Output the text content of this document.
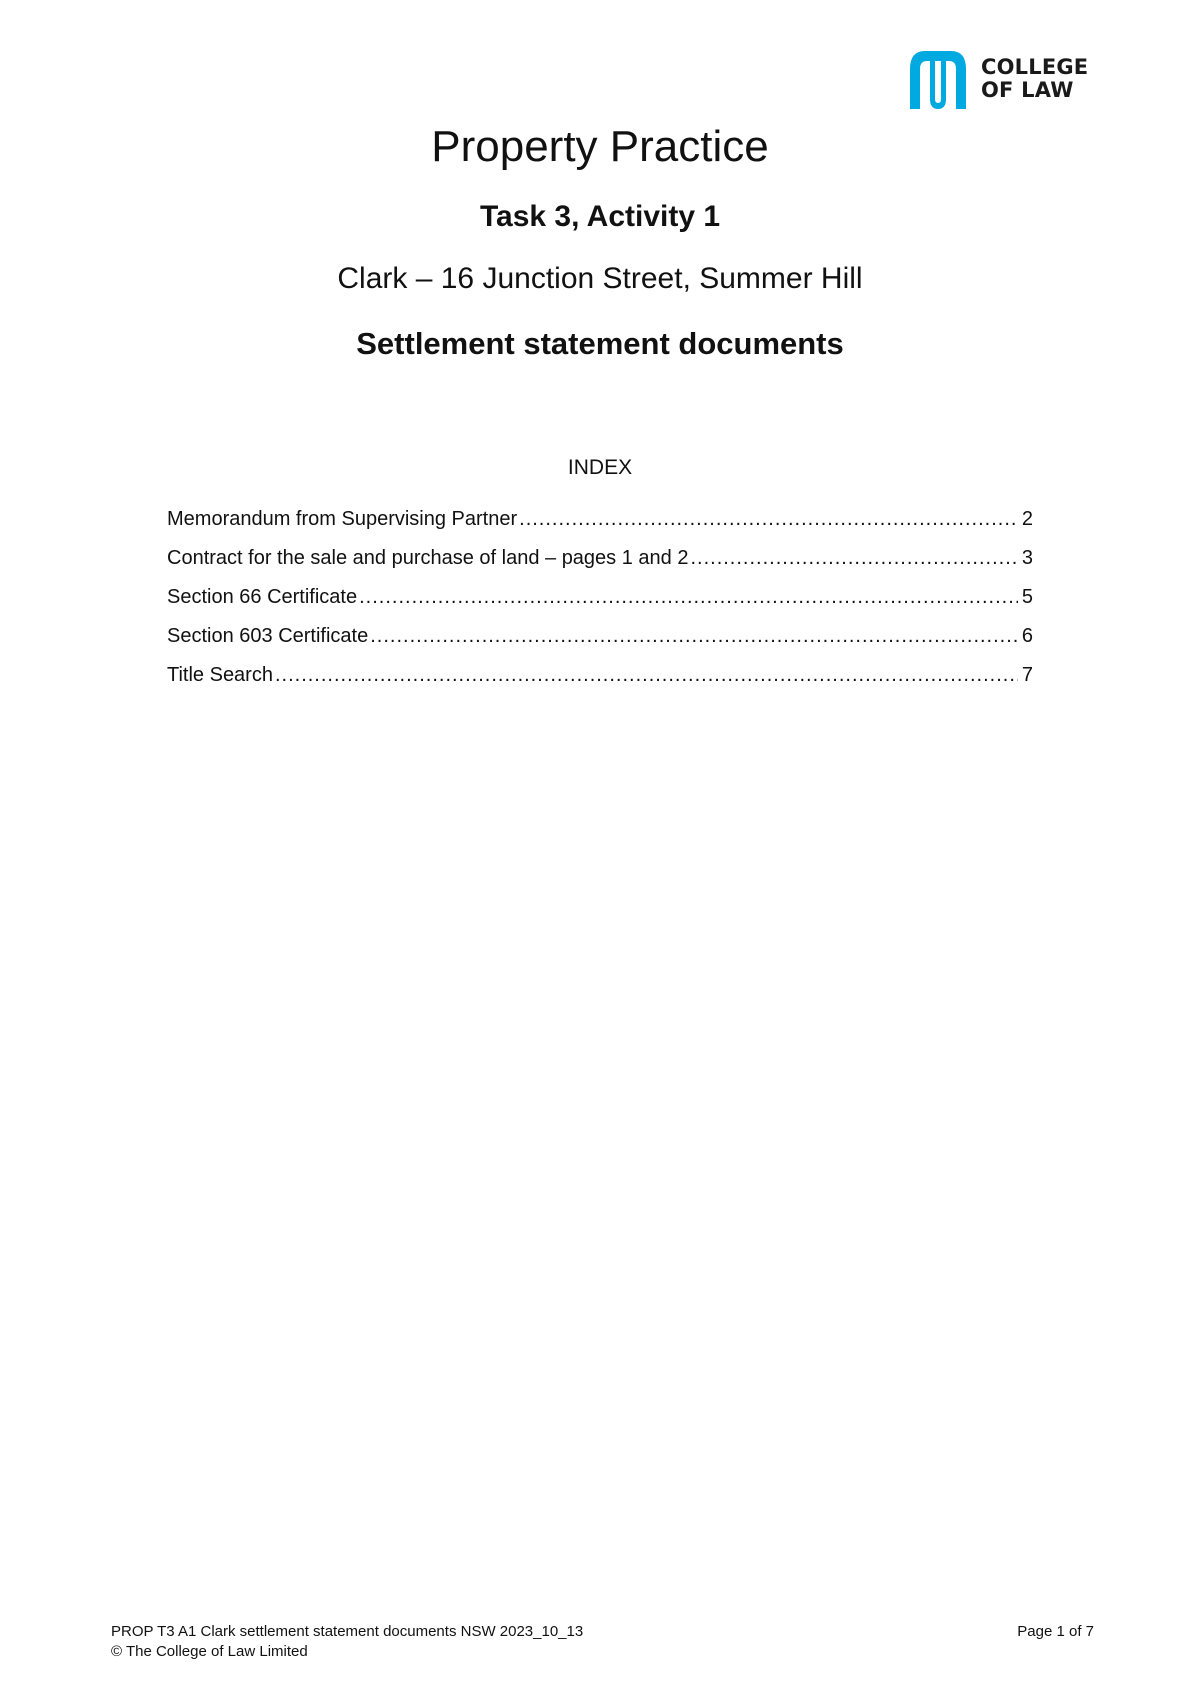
COLLEGE
OF LAW
Property Practice
Task 3, Activity 1
Clark – 16 Junction Street, Summer Hill
Settlement statement documents
INDEX
Memorandum from Supervising Partner .....	2
Contract for the sale and purchase of land – pages 1 and 2 .....	3
Section 66 Certificate .....	5
Section 603 Certificate .....	6
Title Search .....	7
PROP T3 A1 Clark settlement statement documents NSW 2023_10_13	Page 1 of 7
© The College of Law Limited
